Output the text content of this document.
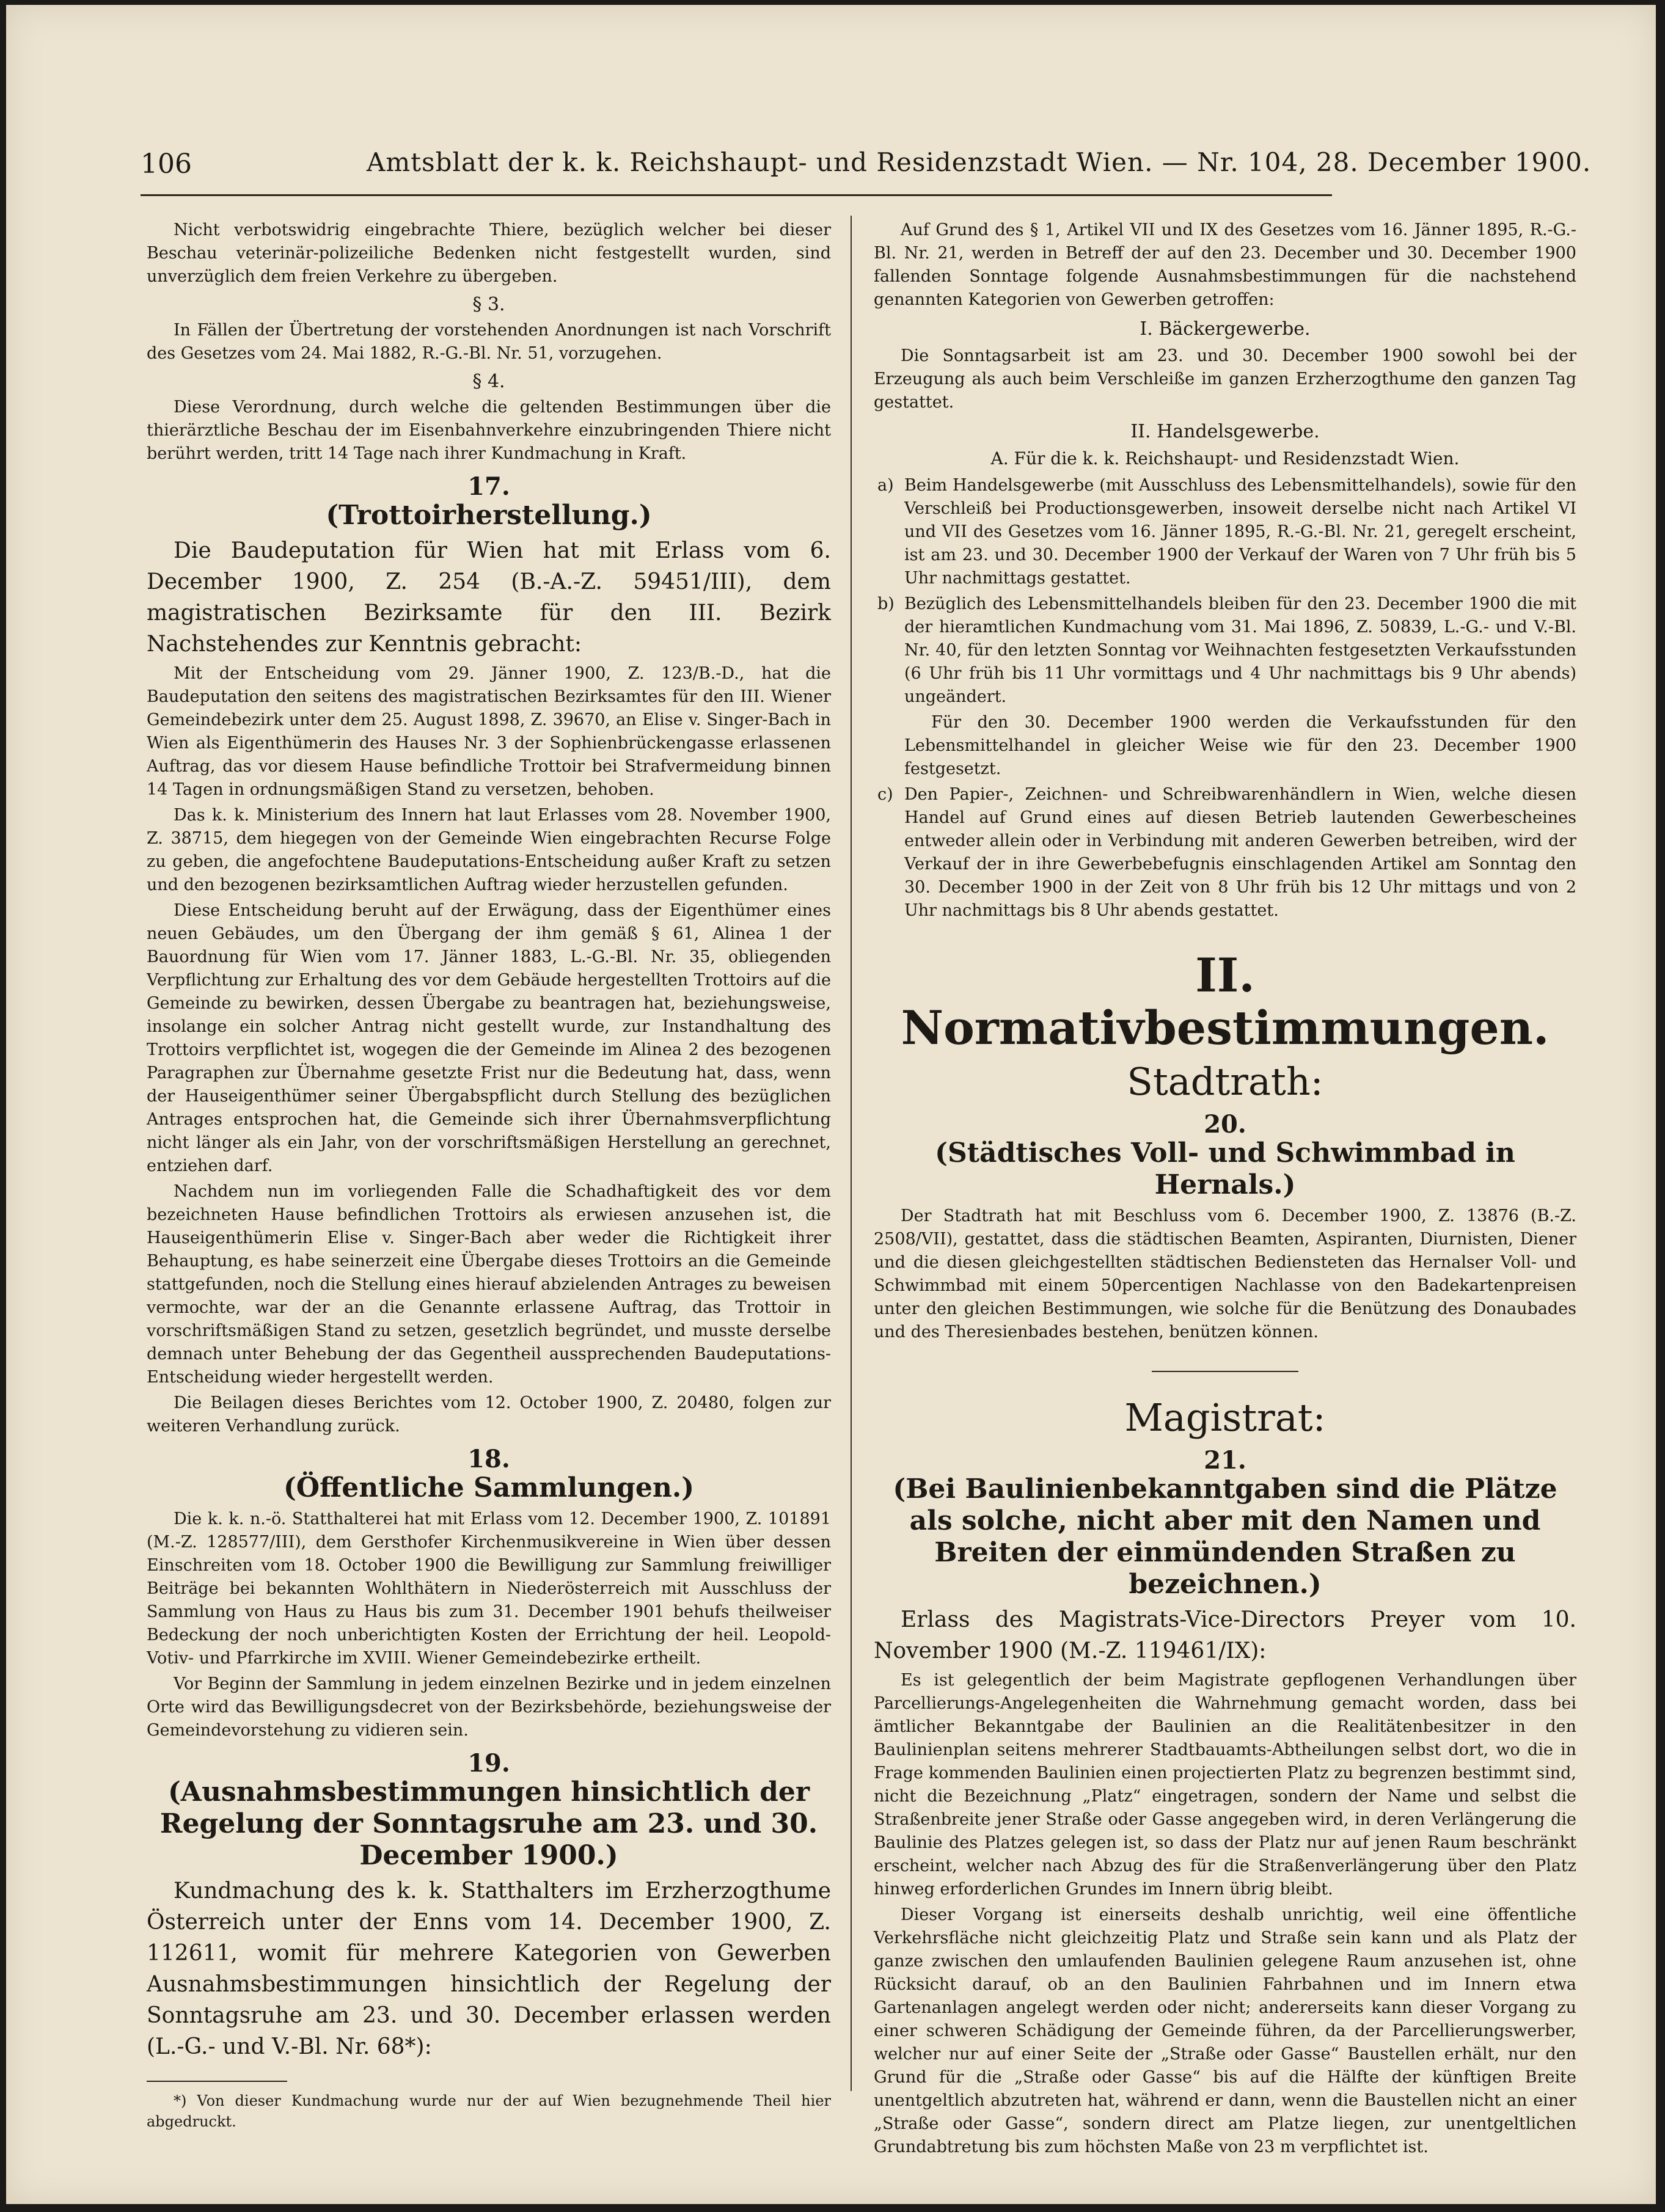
106	Amtsblatt der k. k. Reichshaupt- und Residenzstadt Wien. — Nr. 104, 28. December 1900.

Nicht verbotswidrig eingebrachte Thiere, bezüglich welcher bei dieser Beschau veterinär-polizeiliche Bedenken nicht festgestellt wurden, sind unverzüglich dem freien Verkehre zu übergeben.

§ 3.

In Fällen der Übertretung der vorstehenden Anordnungen ist nach Vorschrift des Gesetzes vom 24. Mai 1882, R.-G.-Bl. Nr. 51, vorzugehen.

§ 4.

Diese Verordnung, durch welche die geltenden Bestimmungen über die thierärztliche Beschau der im Eisenbahnverkehre einzubringenden Thiere nicht berührt werden, tritt 14 Tage nach ihrer Kundmachung in Kraft.

17.
(Trottoirherstellung.)

Die Baudeputation für Wien hat mit Erlass vom 6. December 1900, Z. 254 (B.-A.-Z. 59451/III), dem magistratischen Bezirksamte für den III. Bezirk Nachstehendes zur Kenntnis gebracht:

Mit der Entscheidung vom 29. Jänner 1900, Z. 123/B.-D., hat die Baudeputation den seitens des magistratischen Bezirksamtes für den III. Wiener Gemeindebezirk unter dem 25. August 1898, Z. 39670, an Elise v. Singer-Bach in Wien als Eigenthümerin des Hauses Nr. 3 der Sophienbrückengasse erlassenen Auftrag, das vor diesem Hause befindliche Trottoir bei Strafvermeidung binnen 14 Tagen in ordnungsmäßigen Stand zu versetzen, behoben.

Das k. k. Ministerium des Innern hat laut Erlasses vom 28. November 1900, Z. 38715, dem hiegegen von der Gemeinde Wien eingebrachten Recurse Folge zu geben, die angefochtene Baudeputations-Entscheidung außer Kraft zu setzen und den bezogenen bezirksamtlichen Auftrag wieder herzustellen gefunden.

Diese Entscheidung beruht auf der Erwägung, dass der Eigenthümer eines neuen Gebäudes, um den Übergang der ihm gemäß § 61, Alinea 1 der Bauordnung für Wien vom 17. Jänner 1883, L.-G.-Bl. Nr. 35, obliegenden Verpflichtung zur Erhaltung des vor dem Gebäude hergestellten Trottoirs auf die Gemeinde zu bewirken, dessen Übergabe zu beantragen hat, beziehungsweise, insolange ein solcher Antrag nicht gestellt wurde, zur Instandhaltung des Trottoirs verpflichtet ist, wogegen die der Gemeinde im Alinea 2 des bezogenen Paragraphen zur Übernahme gesetzte Frist nur die Bedeutung hat, dass, wenn der Hauseigenthümer seiner Übergabspflicht durch Stellung des bezüglichen Antrages entsprochen hat, die Gemeinde sich ihrer Übernahmsverpflichtung nicht länger als ein Jahr, von der vorschriftsmäßigen Herstellung an gerechnet, entziehen darf.

Nachdem nun im vorliegenden Falle die Schadhaftigkeit des vor dem bezeichneten Hause befindlichen Trottoirs als erwiesen anzusehen ist, die Hauseigenthümerin Elise v. Singer-Bach aber weder die Richtigkeit ihrer Behauptung, es habe seinerzeit eine Übergabe dieses Trottoirs an die Gemeinde stattgefunden, noch die Stellung eines hierauf abzielenden Antrages zu beweisen vermochte, war der an die Genannte erlassene Auftrag, das Trottoir in vorschriftsmäßigen Stand zu setzen, gesetzlich begründet, und musste derselbe demnach unter Behebung der das Gegentheil aussprechenden Baudeputations-Entscheidung wieder hergestellt werden.

Die Beilagen dieses Berichtes vom 12. October 1900, Z. 20480, folgen zur weiteren Verhandlung zurück.

18.
(Öffentliche Sammlungen.)

Die k. k. n.-ö. Statthalterei hat mit Erlass vom 12. December 1900, Z. 101891 (M.-Z. 128577/III), dem Gersthofer Kirchenmusikvereine in Wien über dessen Einschreiten vom 18. October 1900 die Bewilligung zur Sammlung freiwilliger Beiträge bei bekannten Wohlthätern in Niederösterreich mit Ausschluss der Sammlung von Haus zu Haus bis zum 31. December 1901 behufs theilweiser Bedeckung der noch unberichtigten Kosten der Errichtung der heil. Leopold-Votiv- und Pfarrkirche im XVIII. Wiener Gemeindebezirke ertheilt.

Vor Beginn der Sammlung in jedem einzelnen Bezirke und in jedem einzelnen Orte wird das Bewilligungsdecret von der Bezirksbehörde, beziehungsweise der Gemeindevorstehung zu vidieren sein.

19.
(Ausnahmsbestimmungen hinsichtlich der Regelung der Sonntagsruhe am 23. und 30. December 1900.)

Kundmachung des k. k. Statthalters im Erzherzogthume Österreich unter der Enns vom 14. December 1900, Z. 112611, womit für mehrere Kategorien von Gewerben Ausnahmsbestimmungen hinsichtlich der Regelung der Sonntagsruhe am 23. und 30. December erlassen werden (L.-G.- und V.-Bl. Nr. 68*):

*) Von dieser Kundmachung wurde nur der auf Wien bezugnehmende Theil hier abgedruckt.

Auf Grund des § 1, Artikel VII und IX des Gesetzes vom 16. Jänner 1895, R.-G.-Bl. Nr. 21, werden in Betreff der auf den 23. December und 30. December 1900 fallenden Sonntage folgende Ausnahmsbestimmungen für die nachstehend genannten Kategorien von Gewerben getroffen:

I. Bäckergewerbe.

Die Sonntagsarbeit ist am 23. und 30. December 1900 sowohl bei der Erzeugung als auch beim Verschleiße im ganzen Erzherzogthume den ganzen Tag gestattet.

II. Handelsgewerbe.
A. Für die k. k. Reichshaupt- und Residenzstadt Wien.

a) Beim Handelsgewerbe (mit Ausschluss des Lebensmittelhandels), sowie für den Verschleiß bei Productionsgewerben, insoweit derselbe nicht nach Artikel VI und VII des Gesetzes vom 16. Jänner 1895, R.-G.-Bl. Nr. 21, geregelt erscheint, ist am 23. und 30. December 1900 der Verkauf der Waren von 7 Uhr früh bis 5 Uhr nachmittags gestattet.

b) Bezüglich des Lebensmittelhandels bleiben für den 23. December 1900 die mit der hieramtlichen Kundmachung vom 31. Mai 1896, Z. 50839, L.-G.- und V.-Bl. Nr. 40, für den letzten Sonntag vor Weihnachten festgesetzten Verkaufsstunden (6 Uhr früh bis 11 Uhr vormittags und 4 Uhr nachmittags bis 9 Uhr abends) ungeändert.

Für den 30. December 1900 werden die Verkaufsstunden für den Lebensmittelhandel in gleicher Weise wie für den 23. December 1900 festgesetzt.

c) Den Papier-, Zeichnen- und Schreibwarenhändlern in Wien, welche diesen Handel auf Grund eines auf diesen Betrieb lautenden Gewerbescheines entweder allein oder in Verbindung mit anderen Gewerben betreiben, wird der Verkauf der in ihre Gewerbebefugnis einschlagenden Artikel am Sonntag den 30. December 1900 in der Zeit von 8 Uhr früh bis 12 Uhr mittags und von 2 Uhr nachmittags bis 8 Uhr abends gestattet.

II. Normativbestimmungen.
Stadtrath:
20.
(Städtisches Voll- und Schwimmbad in Hernals.)

Der Stadtrath hat mit Beschluss vom 6. December 1900, Z. 13876 (B.-Z. 2508/VII), gestattet, dass die städtischen Beamten, Aspiranten, Diurnisten, Diener und die diesen gleichgestellten städtischen Bediensteten das Hernalser Voll- und Schwimmbad mit einem 50percentigen Nachlasse von den Badekartenpreisen unter den gleichen Bestimmungen, wie solche für die Benützung des Donaubades und des Theresienbades bestehen, benützen können.

Magistrat:
21.
(Bei Baulinienbekanntgaben sind die Plätze als solche, nicht aber mit den Namen und Breiten der einmündenden Straßen zu bezeichnen.)

Erlass des Magistrats-Vice-Directors Preyer vom 10. November 1900 (M.-Z. 119461/IX):

Es ist gelegentlich der beim Magistrate gepflogenen Verhandlungen über Parcellierungs-Angelegenheiten die Wahrnehmung gemacht worden, dass bei ämtlicher Bekanntgabe der Baulinien an die Realitätenbesitzer in den Baulinienplan seitens mehrerer Stadtbauamts-Abtheilungen selbst dort, wo die in Frage kommenden Baulinien einen projectierten Platz zu begrenzen bestimmt sind, nicht die Bezeichnung „Platz“ eingetragen, sondern der Name und selbst die Straßenbreite jener Straße oder Gasse angegeben wird, in deren Verlängerung die Baulinie des Platzes gelegen ist, so dass der Platz nur auf jenen Raum beschränkt erscheint, welcher nach Abzug des für die Straßenverlängerung über den Platz hinweg erforderlichen Grundes im Innern übrig bleibt.

Dieser Vorgang ist einerseits deshalb unrichtig, weil eine öffentliche Verkehrsfläche nicht gleichzeitig Platz und Straße sein kann und als Platz der ganze zwischen den umlaufenden Baulinien gelegene Raum anzusehen ist, ohne Rücksicht darauf, ob an den Baulinien Fahrbahnen und im Innern etwa Gartenanlagen angelegt werden oder nicht; andererseits kann dieser Vorgang zu einer schweren Schädigung der Gemeinde führen, da der Parcellierungswerber, welcher nur auf einer Seite der „Straße oder Gasse“ Baustellen erhält, nur den Grund für die „Straße oder Gasse“ bis auf die Hälfte der künftigen Breite unentgeltlich abzutreten hat, während er dann, wenn die Baustellen nicht an einer „Straße oder Gasse“, sondern direct am Platze liegen, zur unentgeltlichen Grundabtretung bis zum höchsten Maße von 23 m verpflichtet ist.
